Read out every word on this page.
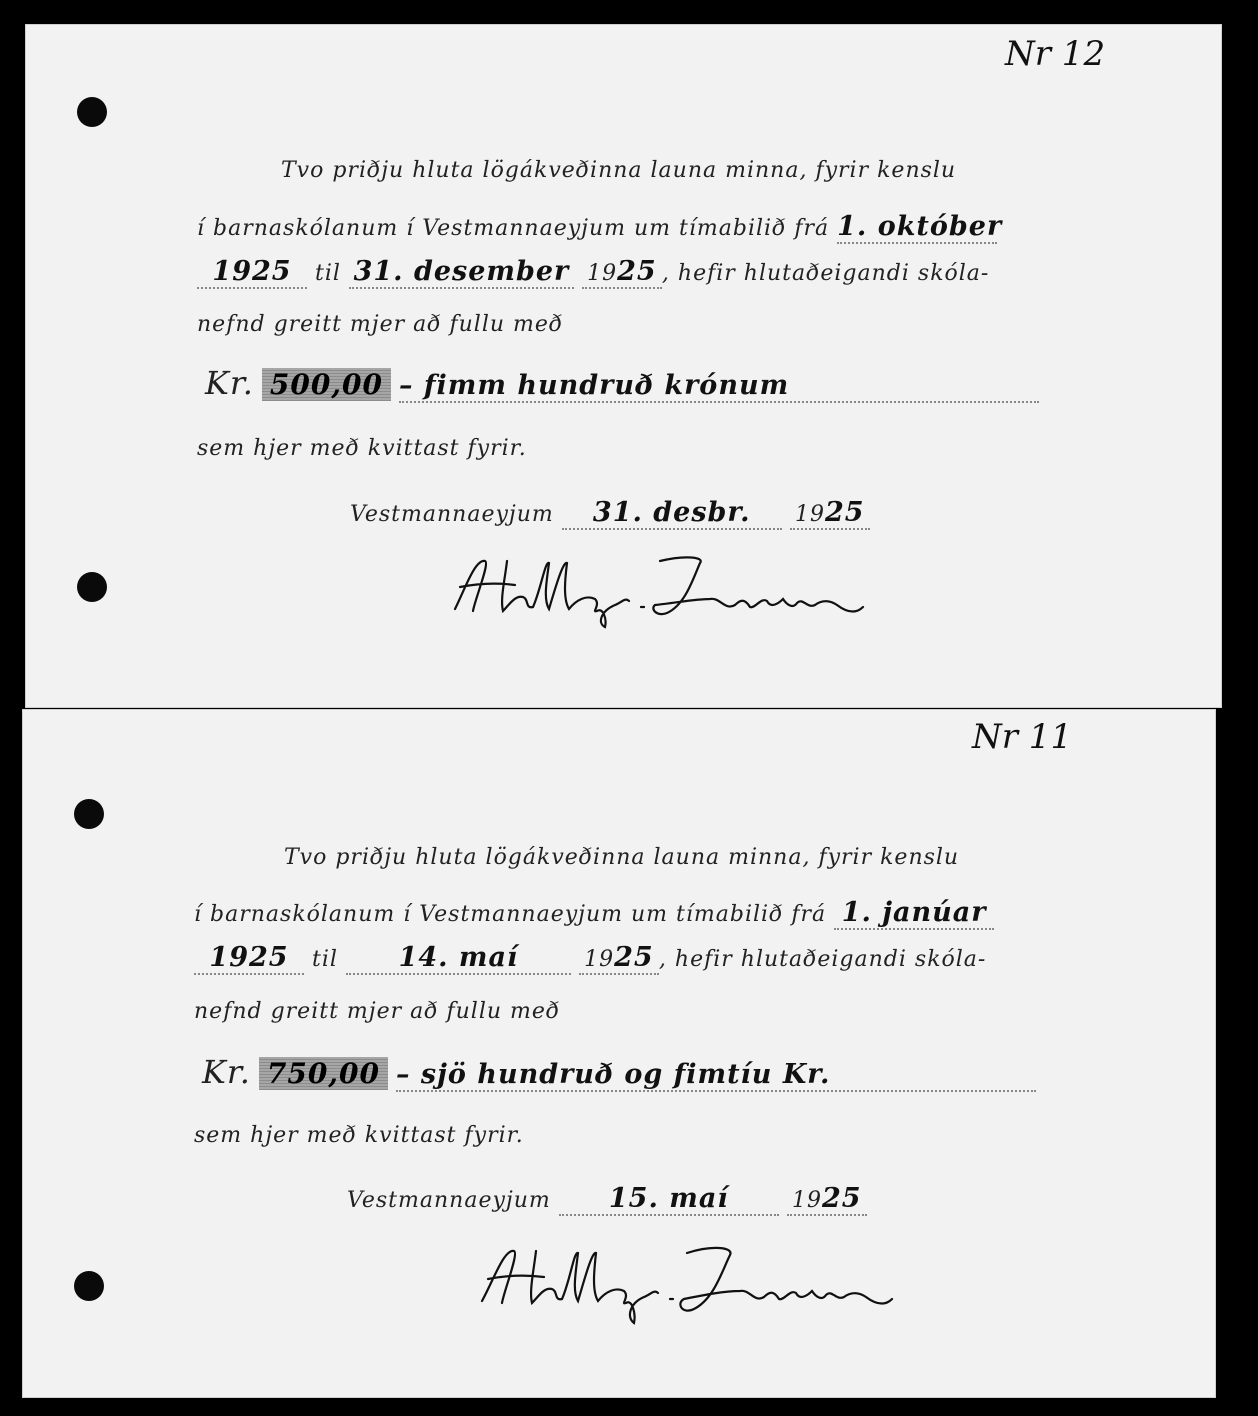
Nr 12
Tvo priðju hluta lögákveðinna launa minna, fyrir kenslu
í barnaskólanum í Vestmannaeyjum um tímabilið frá 1. október
1925 til 31. desember 1925 , hefir hlutaðeigandi skóla-
nefnd greitt mjer að fullu með
Kr. 500,00 – fimm hundruð krónum
sem hjer með kvittast fyrir.
Vestmannaeyjum 31. desbr. 1925
Nr 11
Tvo priðju hluta lögákveðinna launa minna, fyrir kenslu
í barnaskólanum í Vestmannaeyjum um tímabilið frá 1. janúar
1925 til 14. maí	1925 , hefir hlutaðeigandi skóla-
nefnd greitt mjer að fullu með
Kr. 750,00 – sjö hundruð og fimtíu Kr.
sem hjer með kvittast fyrir.
Vestmannaeyjum 15. maí	1925
